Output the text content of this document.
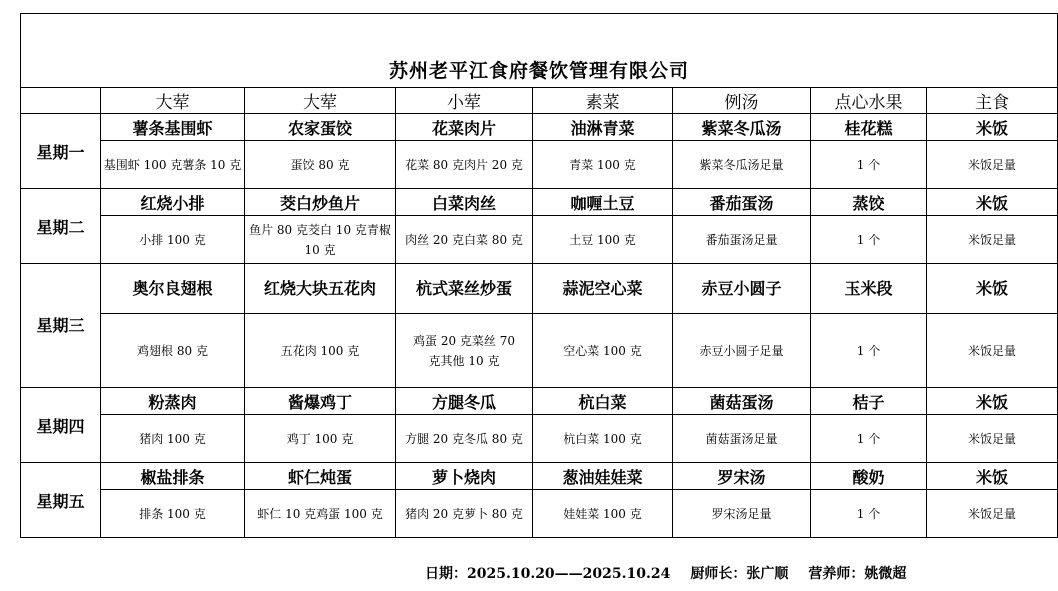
苏州老平江食府餐饮管理有限公司							
	大荤	大荤	小荤	素菜	例汤	点心水果	主食
星期一	薯条基围虾	农家蛋饺	花菜肉片	油淋青菜	紫菜冬瓜汤	桂花糕	米饭
	基围虾 100 克薯条 10 克	蛋饺 80 克	花菜 80 克肉片 20 克	青菜 100 克	紫菜冬瓜汤足量	1 个	米饭足量
星期二	红烧小排	茭白炒鱼片	白菜肉丝	咖喱土豆	番茄蛋汤	蒸饺	米饭
	小排 100 克	鱼片 80 克茭白 10 克青椒 10 克	肉丝 20 克白菜 80 克	土豆 100 克	番茄蛋汤足量	1 个	米饭足量
星期三	奥尔良翅根	红烧大块五花肉	杭式菜丝炒蛋	蒜泥空心菜	赤豆小圆子	玉米段	米饭
	鸡翅根 80 克	五花肉 100 克	鸡蛋 20 克菜丝 70 克其他 10 克	空心菜 100 克	赤豆小圆子足量	1 个	米饭足量
星期四	粉蒸肉	酱爆鸡丁	方腿冬瓜	杭白菜	菌菇蛋汤	桔子	米饭
	猪肉 100 克	鸡丁 100 克	方腿 20 克冬瓜 80 克	杭白菜 100 克	菌菇蛋汤足量	1 个	米饭足量
星期五	椒盐排条	虾仁炖蛋	萝卜烧肉	葱油娃娃菜	罗宋汤	酸奶	米饭
	排条 100 克	虾仁 10 克鸡蛋 100 克	猪肉 20 克萝卜 80 克	娃娃菜 100 克	罗宋汤足量	1 个	米饭足量
日期：2025.10.20——2025.10.24 厨师长：张广顺 营养师：姚微超
